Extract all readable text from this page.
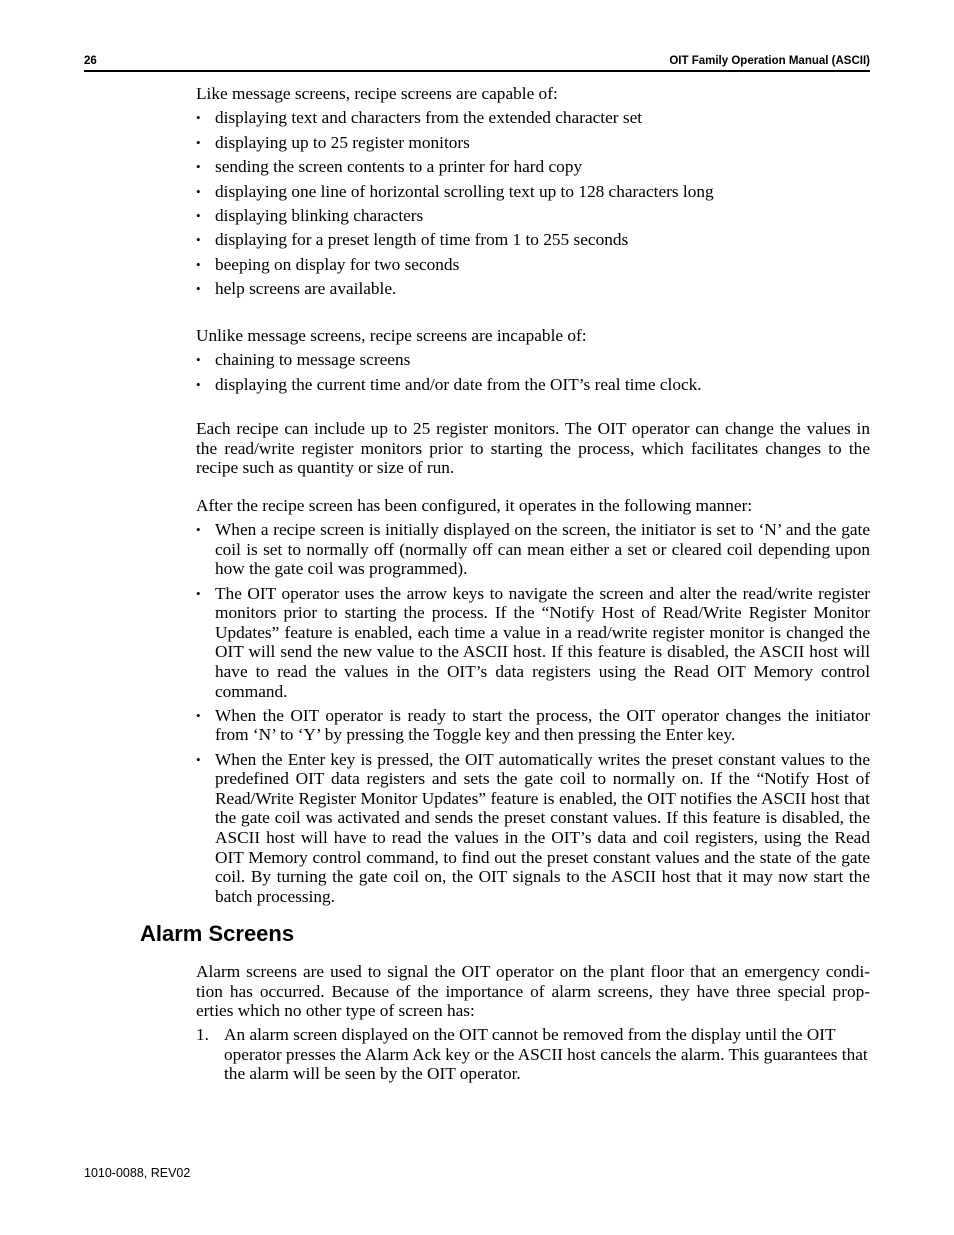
26	OIT Family Operation Manual (ASCII)

Like message screens, recipe screens are capable of:

• displaying text and characters from the extended character set
• displaying up to 25 register monitors
• sending the screen contents to a printer for hard copy
• displaying one line of horizontal scrolling text up to 128 characters long
• displaying blinking characters
• displaying for a preset length of time from 1 to 255 seconds
• beeping on display for two seconds
• help screens are available.

Unlike message screens, recipe screens are incapable of:

• chaining to message screens
• displaying the current time and/or date from the OIT’s real time clock.

Each recipe can include up to 25 register monitors. The OIT operator can change the values in the read/write register monitors prior to starting the process, which facilitates changes to the recipe such as quantity or size of run.

After the recipe screen has been configured, it operates in the following manner:

• When a recipe screen is initially displayed on the screen, the initiator is set to ‘N’ and the gate coil is set to normally off (normally off can mean either a set or cleared coil depending upon how the gate coil was programmed).
• The OIT operator uses the arrow keys to navigate the screen and alter the read/write register monitors prior to starting the process. If the “Notify Host of Read/Write Register Monitor Updates” feature is enabled, each time a value in a read/write register monitor is changed the OIT will send the new value to the ASCII host. If this feature is disabled, the ASCII host will have to read the values in the OIT’s data registers using the Read OIT Memory control command.
• When the OIT operator is ready to start the process, the OIT operator changes the initiator from ‘N’ to ‘Y’ by pressing the Toggle key and then pressing the Enter key.
• When the Enter key is pressed, the OIT automatically writes the preset constant values to the predefined OIT data registers and sets the gate coil to normally on. If the “Notify Host of Read/Write Register Monitor Updates” feature is enabled, the OIT notifies the ASCII host that the gate coil was activated and sends the preset constant values. If this feature is disabled, the ASCII host will have to read the values in the OIT’s data and coil registers, using the Read OIT Memory control command, to find out the preset constant values and the state of the gate coil. By turning the gate coil on, the OIT signals to the ASCII host that it may now start the batch processing.
Alarm Screens

Alarm screens are used to signal the OIT operator on the plant floor that an emergency condi-tion has occurred. Because of the importance of alarm screens, they have three special prop-erties which no other type of screen has:

1. An alarm screen displayed on the OIT cannot be removed from the display until the OIT operator presses the Alarm Ack key or the ASCII host cancels the alarm. This guarantees that the alarm will be seen by the OIT operator.
1010-0088, REV02
